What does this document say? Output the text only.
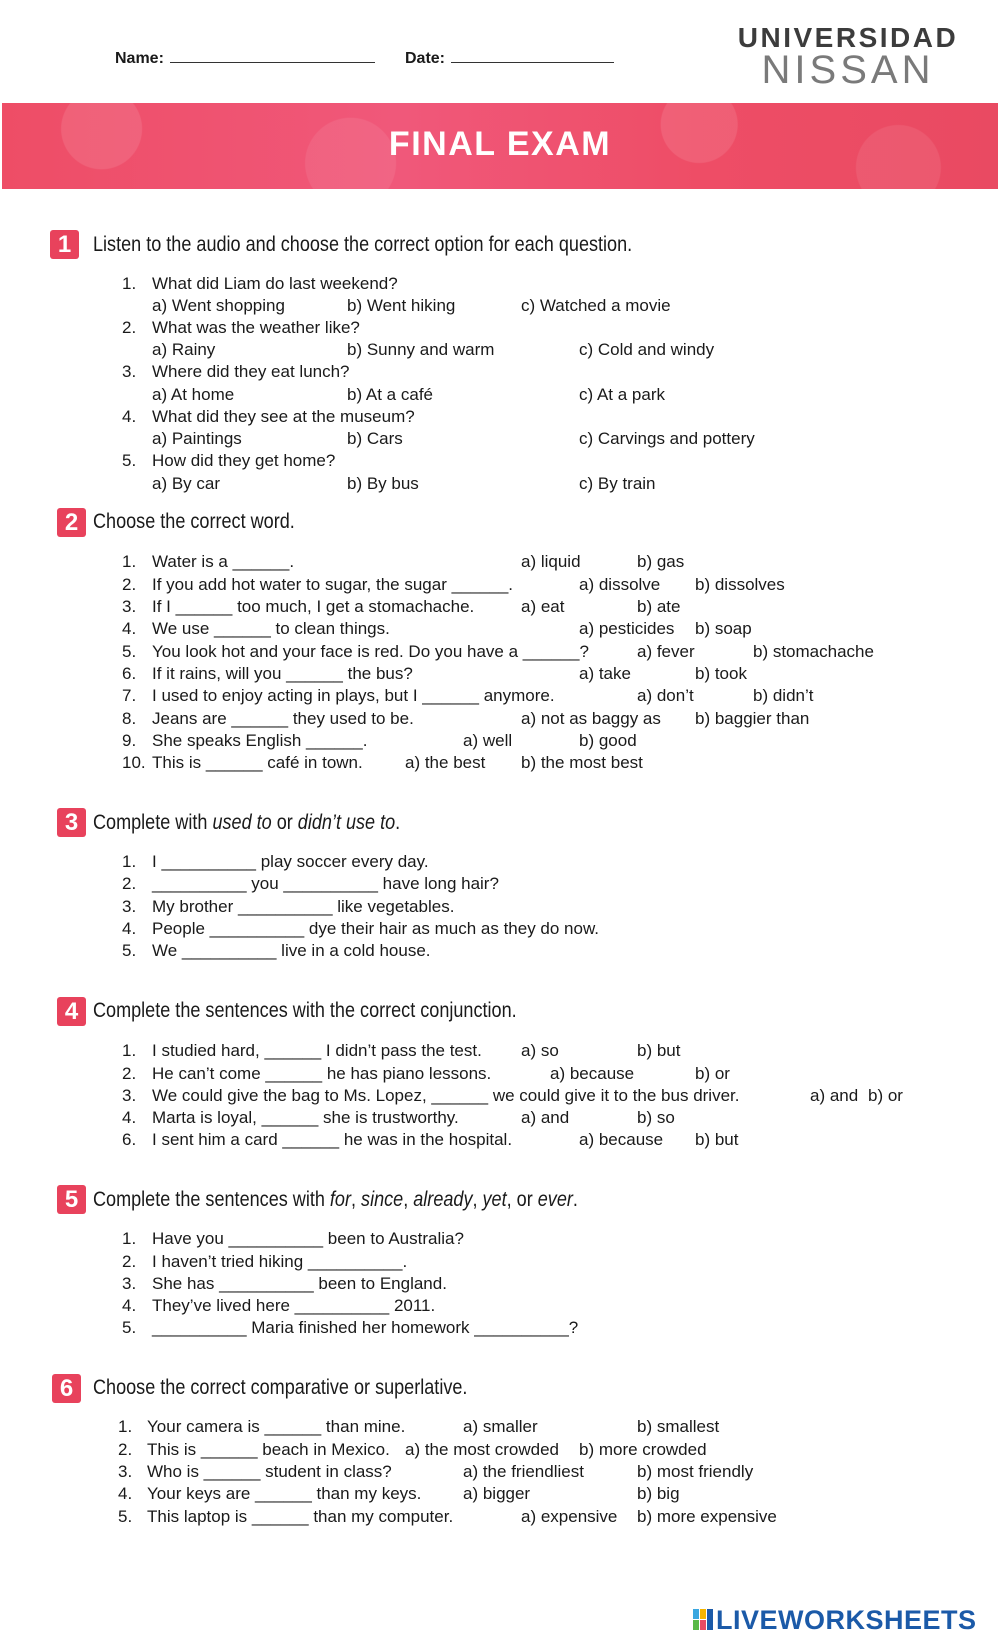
Name:	Date:
UNIVERSIDAD
NISSAN
FINAL EXAM
1	Listen to the audio and choose the correct option for each question.
1. What did Liam do last weekend?
a) Went shopping	b) Went hiking	c) Watched a movie
2. What was the weather like?
a) Rainy	b) Sunny and warm	c) Cold and windy
3. Where did they eat lunch?
a) At home	b) At a café	c) At a park
4. What did they see at the museum?
a) Paintings	b) Cars	c) Carvings and pottery
5. How did they get home?
a) By car	b) By bus	c) By train
2 Choose the correct word.
1. Water is a ______.	a) liquid	b) gas
2. If you add hot water to sugar, the sugar ______.	a) dissolve b) dissolves
3. If I ______ too much, I get a stomachache.	a) eat	b) ate
4. We use ______ to clean things.	a) pesticides b) soap
5. You look hot and your face is red. Do you have a ______?	a) fever	b) stomachache
6. If it rains, will you ______ the bus?	a) take	b) took
7. I used to enjoy acting in plays, but I ______ anymore.	a) don’t	b) didn’t
8. Jeans are ______ they used to be.	a) not as baggy as b) baggier than
9. She speaks English ______.	a) well	b) good
10. This is ______ café in town. a) the best b) the most best
3 Complete with used to or didn’t use to.
1. I __________ play soccer every day.
2. __________ you __________ have long hair?
3. My brother __________ like vegetables.
4. People __________ dye their hair as much as they do now.
5. We __________ live in a cold house.
4 Complete the sentences with the correct conjunction.
1. I studied hard, ______ I didn’t pass the test. a) so	b) but
2. He can’t come ______ he has piano lessons.	a) because	b) or
3. We could give the bag to Ms. Lopez, ______ we could give it to the bus driver.	a) and b) or
4. Marta is loyal, ______ she is trustworthy.	a) and	b) so
6. I sent him a card ______ he was in the hospital.	a) because b) but
5 Complete the sentences with for, since, already, yet, or ever.
1. Have you __________ been to Australia?
2. I haven’t tried hiking __________.
3. She has __________ been to England.
4. They’ve lived here __________ 2011.
5. __________ Maria finished her homework __________?
6 Choose the correct comparative or superlative.
1. Your camera is ______ than mine.	a) smaller	b) smallest
2. This is ______ beach in Mexico. a) the most crowded b) more crowded
3. Who is ______ student in class?	a) the friendliest	b) most friendly
4. Your keys are ______ than my keys. a) bigger	b) big
5. This laptop is ______ than my computer.	a) expensive b) more expensive
LIVEWORKSHEETS
